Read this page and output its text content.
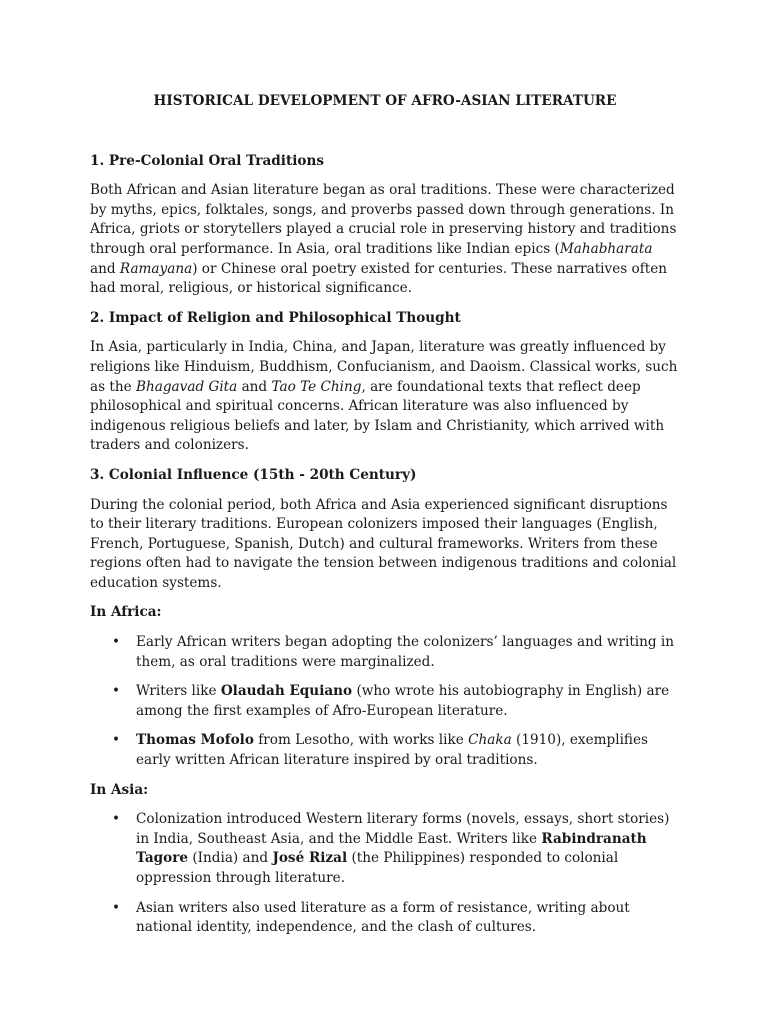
HISTORICAL DEVELOPMENT OF AFRO-ASIAN LITERATURE
1. Pre-Colonial Oral Traditions

Both African and Asian literature began as oral traditions. These were characterized by myths, epics, folktales, songs, and proverbs passed down through generations. In Africa, griots or storytellers played a crucial role in preserving history and traditions through oral performance. In Asia, oral traditions like Indian epics (Mahabharata and Ramayana) or Chinese oral poetry existed for centuries. These narratives often had moral, religious, or historical significance.

2. Impact of Religion and Philosophical Thought

In Asia, particularly in India, China, and Japan, literature was greatly influenced by religions like Hinduism, Buddhism, Confucianism, and Daoism. Classical works, such as the Bhagavad Gita and Tao Te Ching, are foundational texts that reflect deep philosophical and spiritual concerns. African literature was also influenced by indigenous religious beliefs and later, by Islam and Christianity, which arrived with traders and colonizers.

3. Colonial Influence (15th - 20th Century)

During the colonial period, both Africa and Asia experienced significant disruptions to their literary traditions. European colonizers imposed their languages (English, French, Portuguese, Spanish, Dutch) and cultural frameworks. Writers from these regions often had to navigate the tension between indigenous traditions and colonial education systems.

In Africa:
• Early African writers began adopting the colonizers’ languages and writing in them, as oral traditions were marginalized.
• Writers like Olaudah Equiano (who wrote his autobiography in English) are among the first examples of Afro-European literature.
• Thomas Mofolo from Lesotho, with works like Chaka (1910), exemplifies early written African literature inspired by oral traditions.
In Asia:
• Colonization introduced Western literary forms (novels, essays, short stories) in India, Southeast Asia, and the Middle East. Writers like Rabindranath Tagore (India) and José Rizal (the Philippines) responded to colonial oppression through literature.
• Asian writers also used literature as a form of resistance, writing about national identity, independence, and the clash of cultures.
